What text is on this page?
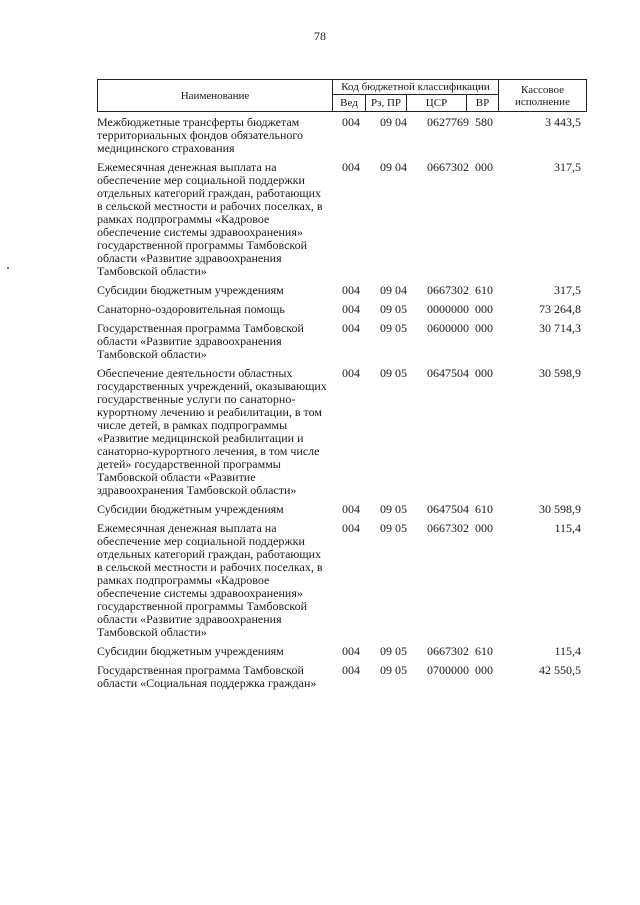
78
Наименование
Код бюджетной классификации
Вед	Рз, ПР	ЦСР	ВР
Кассовое исполнение
Межбюджетные трансферты бюджетам территориальных фондов обязательного медицинского страхования
004 09 04 0627769 580	3 443,5
Ежемесячная денежная выплата на обеспечение мер социальной поддержки отдельных категорий граждан, работающих в сельской местности и рабочих поселках, в рамках подпрограммы «Кадровое обеспечение системы здравоохранения» государственной программы Тамбовской области «Развитие здравоохранения Тамбовской области»
004 09 04 0667302 000	317,5
Субсидии бюджетным учреждениям	004 09 04 0667302 610	317,5
Санаторно-оздоровительная помощь	004 09 05 0000000 000	73 264,8
Государственная программа Тамбовской области «Развитие здравоохранения Тамбовской области»
004 09 05 0600000 000	30 714,3
Обеспечение деятельности областных государственных учреждений, оказывающих государственные услуги по санаторно-курортному лечению и реабилитации, в том числе детей, в рамках подпрограммы «Развитие медицинской реабилитации и санаторно-курортного лечения, в том числе детей» государственной программы Тамбовской области «Развитие здравоохранения Тамбовской области»
004 09 05 0647504 000	30 598,9
Субсидии бюджетным учреждениям	004 09 05 0647504 610	30 598,9
Ежемесячная денежная выплата на обеспечение мер социальной поддержки отдельных категорий граждан, работающих в сельской местности и рабочих поселках, в рамках подпрограммы «Кадровое обеспечение системы здравоохранения» государственной программы Тамбовской области «Развитие здравоохранения Тамбовской области»
004 09 05 0667302 000	115,4
Субсидии бюджетным учреждениям	004 09 05 0667302 610	115,4
Государственная программа Тамбовской области «Социальная поддержка граждан»
004 09 05 0700000 000	42 550,5
